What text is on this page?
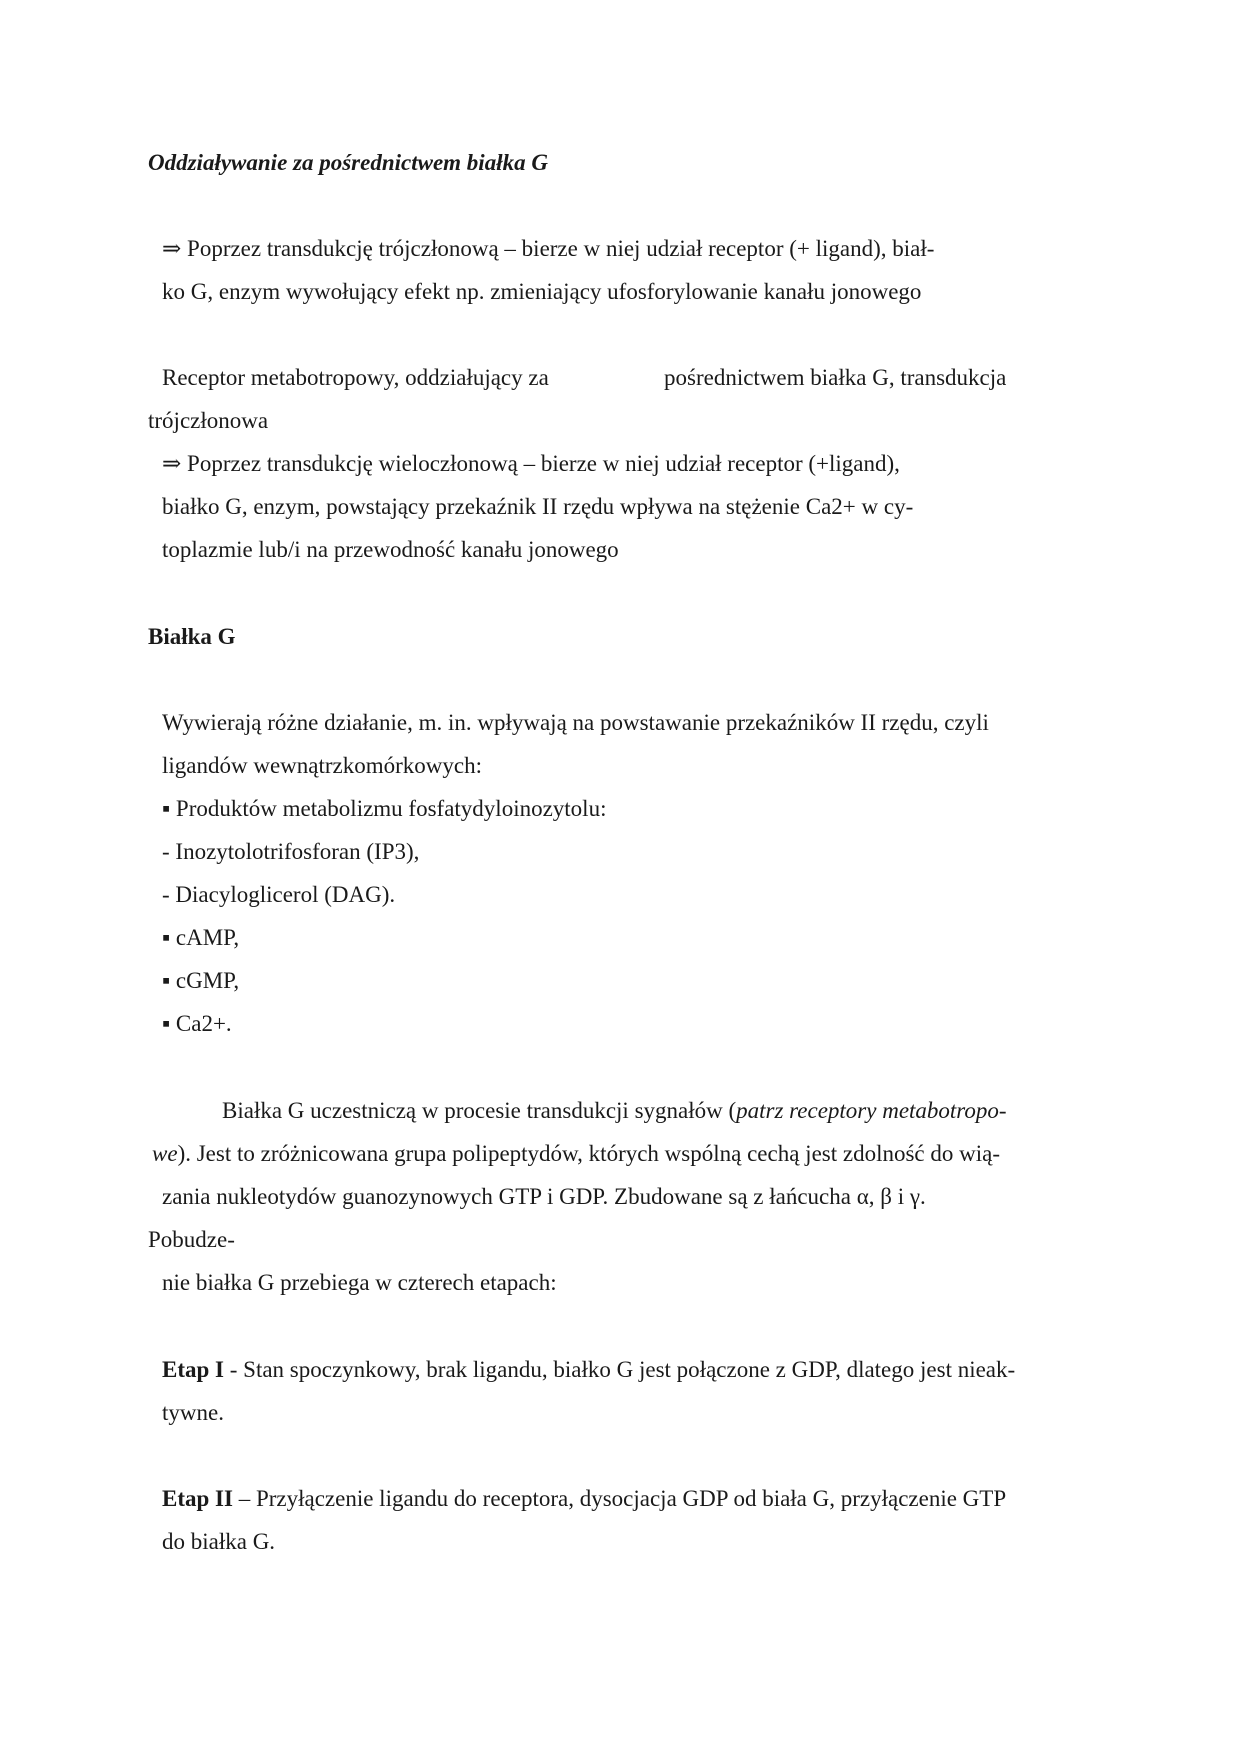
Oddziaływanie za pośrednictwem białka G
⇒ Poprzez transdukcję trójczłonową – bierze w niej udział receptor (+ ligand), biał-
ko G, enzym wywołujący efekt np. zmieniający ufosforylowanie kanału jonowego
Receptor metabotropowy, oddziałujący za	pośrednictwem białka G, transdukcja
trójczłonowa
⇒ Poprzez transdukcję wieloczłonową – bierze w niej udział receptor (+ligand),
białko G, enzym, powstający przekaźnik II rzędu wpływa na stężenie Ca2+ w cy-
toplazmie lub/i na przewodność kanału jonowego
Białka G
Wywierają różne działanie, m. in. wpływają na powstawanie przekaźników II rzędu, czyli
ligandów wewnątrzkomórkowych:
▪ Produktów metabolizmu fosfatydyloinozytolu:
- Inozytolotrifosforan (IP3),
- Diacyloglicerol (DAG).
▪ cAMP,
▪ cGMP,
▪ Ca2+.
Białka G uczestniczą w procesie transdukcji sygnałów (patrz receptory metabotropo-
we). Jest to zróżnicowana grupa polipeptydów, których wspólną cechą jest zdolność do wią-
zania nukleotydów guanozynowych GTP i GDP. Zbudowane są z łańcucha α, β i γ.
Pobudze-
nie białka G przebiega w czterech etapach:
Etap I - Stan spoczynkowy, brak ligandu, białko G jest połączone z GDP, dlatego jest nieak-
tywne.
Etap II – Przyłączenie ligandu do receptora, dysocjacja GDP od biała G, przyłączenie GTP
do białka G.
